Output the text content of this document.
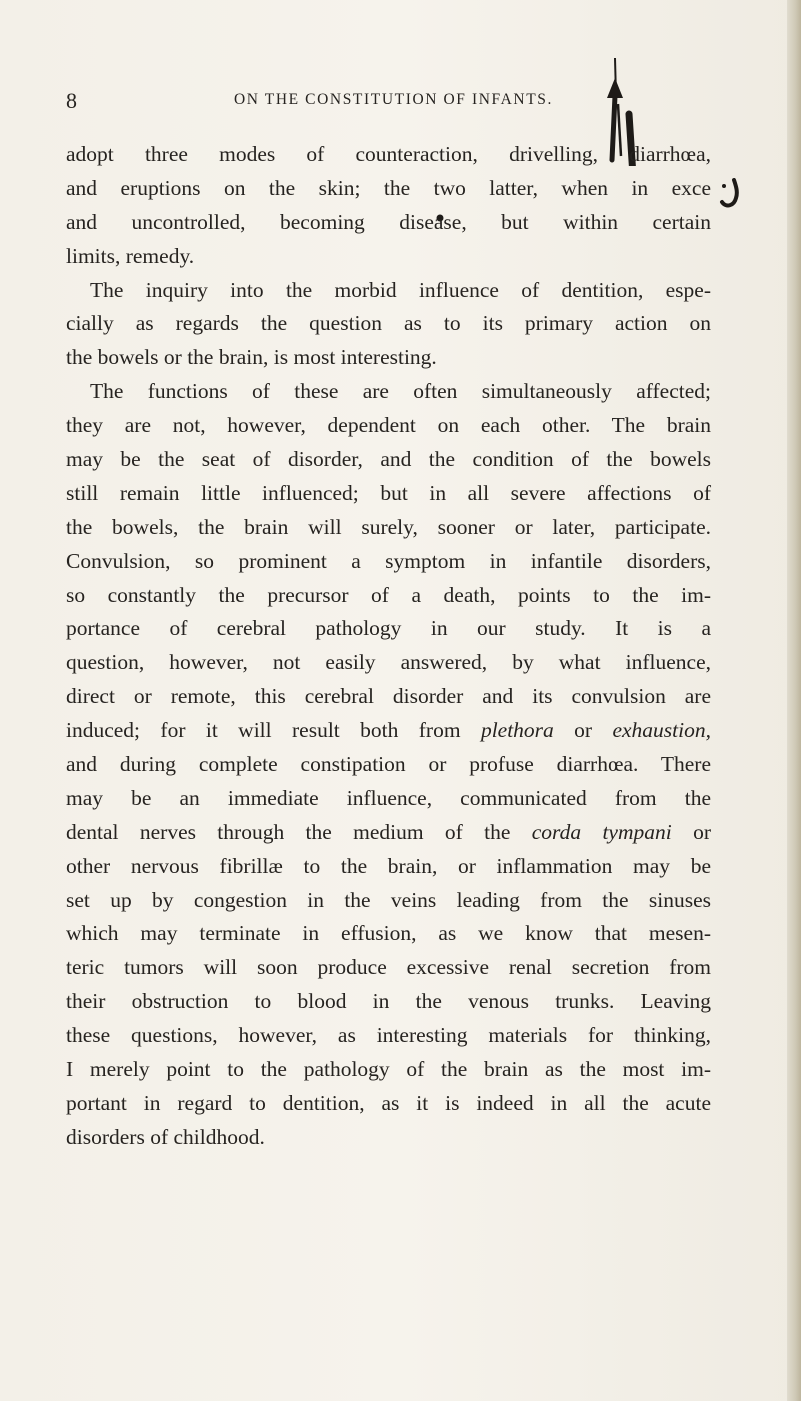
8	ON THE CONSTITUTION OF INFANTS.
adopt three modes of counteraction, drivelling, diarrhœa,
and eruptions on the skin; the two latter, when in exce
and uncontrolled, becoming disease, but within certain
limits, remedy.
The inquiry into the morbid influence of dentition, espe-
cially as regards the question as to its primary action on
the bowels or the brain, is most interesting.
The functions of these are often simultaneously affected;
they are not, however, dependent on each other. The brain
may be the seat of disorder, and the condition of the bowels
still remain little influenced; but in all severe affections of
the bowels, the brain will surely, sooner or later, participate.
Convulsion, so prominent a symptom in infantile disorders,
so constantly the precursor of a death, points to the im-
portance of cerebral pathology in our study. It is a
question, however, not easily answered, by what influence,
direct or remote, this cerebral disorder and its convulsion are
induced; for it will result both from plethora or exhaustion,
and during complete constipation or profuse diarrhœa. There
may be an immediate influence, communicated from the
dental nerves through the medium of the corda tympani or
other nervous fibrillæ to the brain, or inflammation may be
set up by congestion in the veins leading from the sinuses
which may terminate in effusion, as we know that mesen-
teric tumors will soon produce excessive renal secretion from
their obstruction to blood in the venous trunks. Leaving
these questions, however, as interesting materials for thinking,
I merely point to the pathology of the brain as the most im-
portant in regard to dentition, as it is indeed in all the acute
disorders of childhood.
